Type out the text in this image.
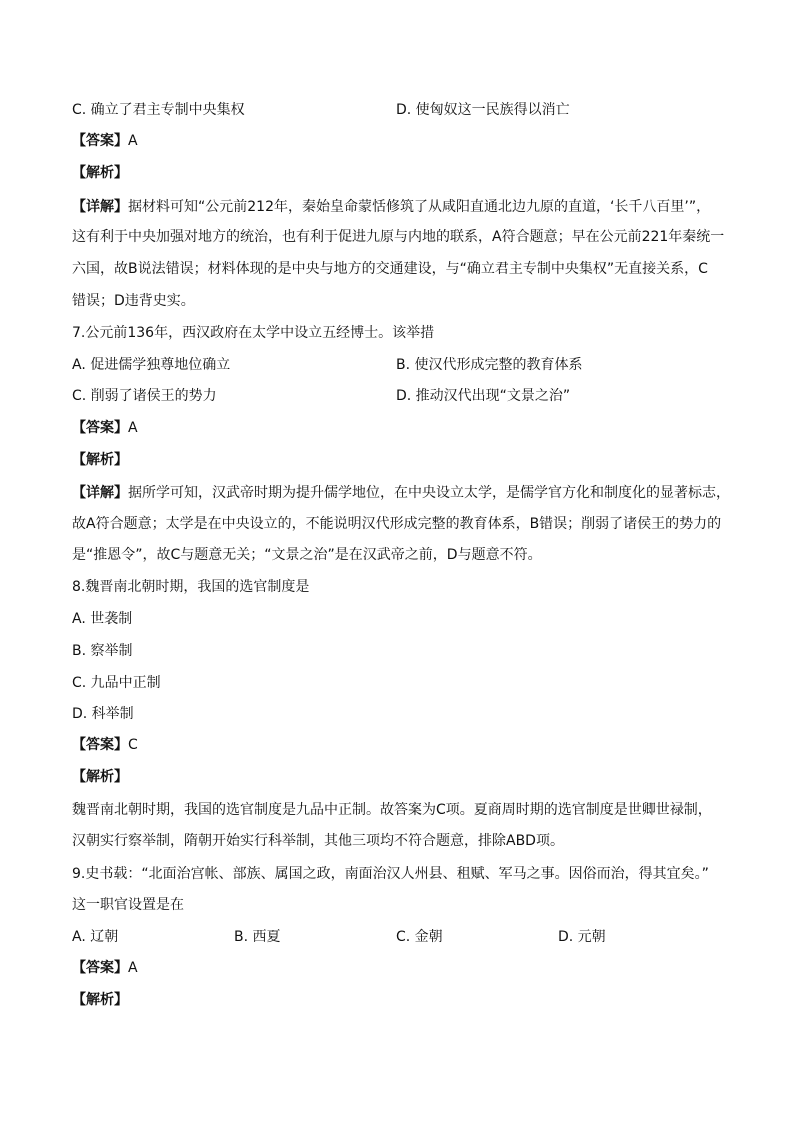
C. 确立了君主专制中央集权	D. 使匈奴这一民族得以消亡
【答案】A
【解析】
【详解】据材料可知“公元前212年，秦始皇命蒙恬修筑了从咸阳直通北边九原的直道，‘长千八百里’”，
这有利于中央加强对地方的统治，也有利于促进九原与内地的联系，A符合题意；早在公元前221年秦统一
六国，故B说法错误；材料体现的是中央与地方的交通建设，与“确立君主专制中央集权”无直接关系，C
错误；D违背史实。
7.公元前136年，西汉政府在太学中设立五经博士。该举措
A. 促进儒学独尊地位确立	B. 使汉代形成完整的教育体系
C. 削弱了诸侯王的势力	D. 推动汉代出现“文景之治”
【答案】A
【解析】
【详解】据所学可知，汉武帝时期为提升儒学地位，在中央设立太学，是儒学官方化和制度化的显著标志，
故A符合题意；太学是在中央设立的，不能说明汉代形成完整的教育体系，B错误；削弱了诸侯王的势力的
是“推恩令”，故C与题意无关；“文景之治”是在汉武帝之前，D与题意不符。
8.魏晋南北朝时期，我国的选官制度是
A. 世袭制
B. 察举制
C. 九品中正制
D. 科举制
【答案】C
【解析】
魏晋南北朝时期，我国的选官制度是九品中正制。故答案为C项。夏商周时期的选官制度是世卿世禄制，
汉朝实行察举制，隋朝开始实行科举制，其他三项均不符合题意，排除ABD项。
9.史书载：“北面治宫帐、部族、属国之政，南面治汉人州县、租赋、军马之事。因俗而治，得其宜矣。”
这一职官设置是在
A. 辽朝	B. 西夏	C. 金朝	D. 元朝
【答案】A
【解析】
